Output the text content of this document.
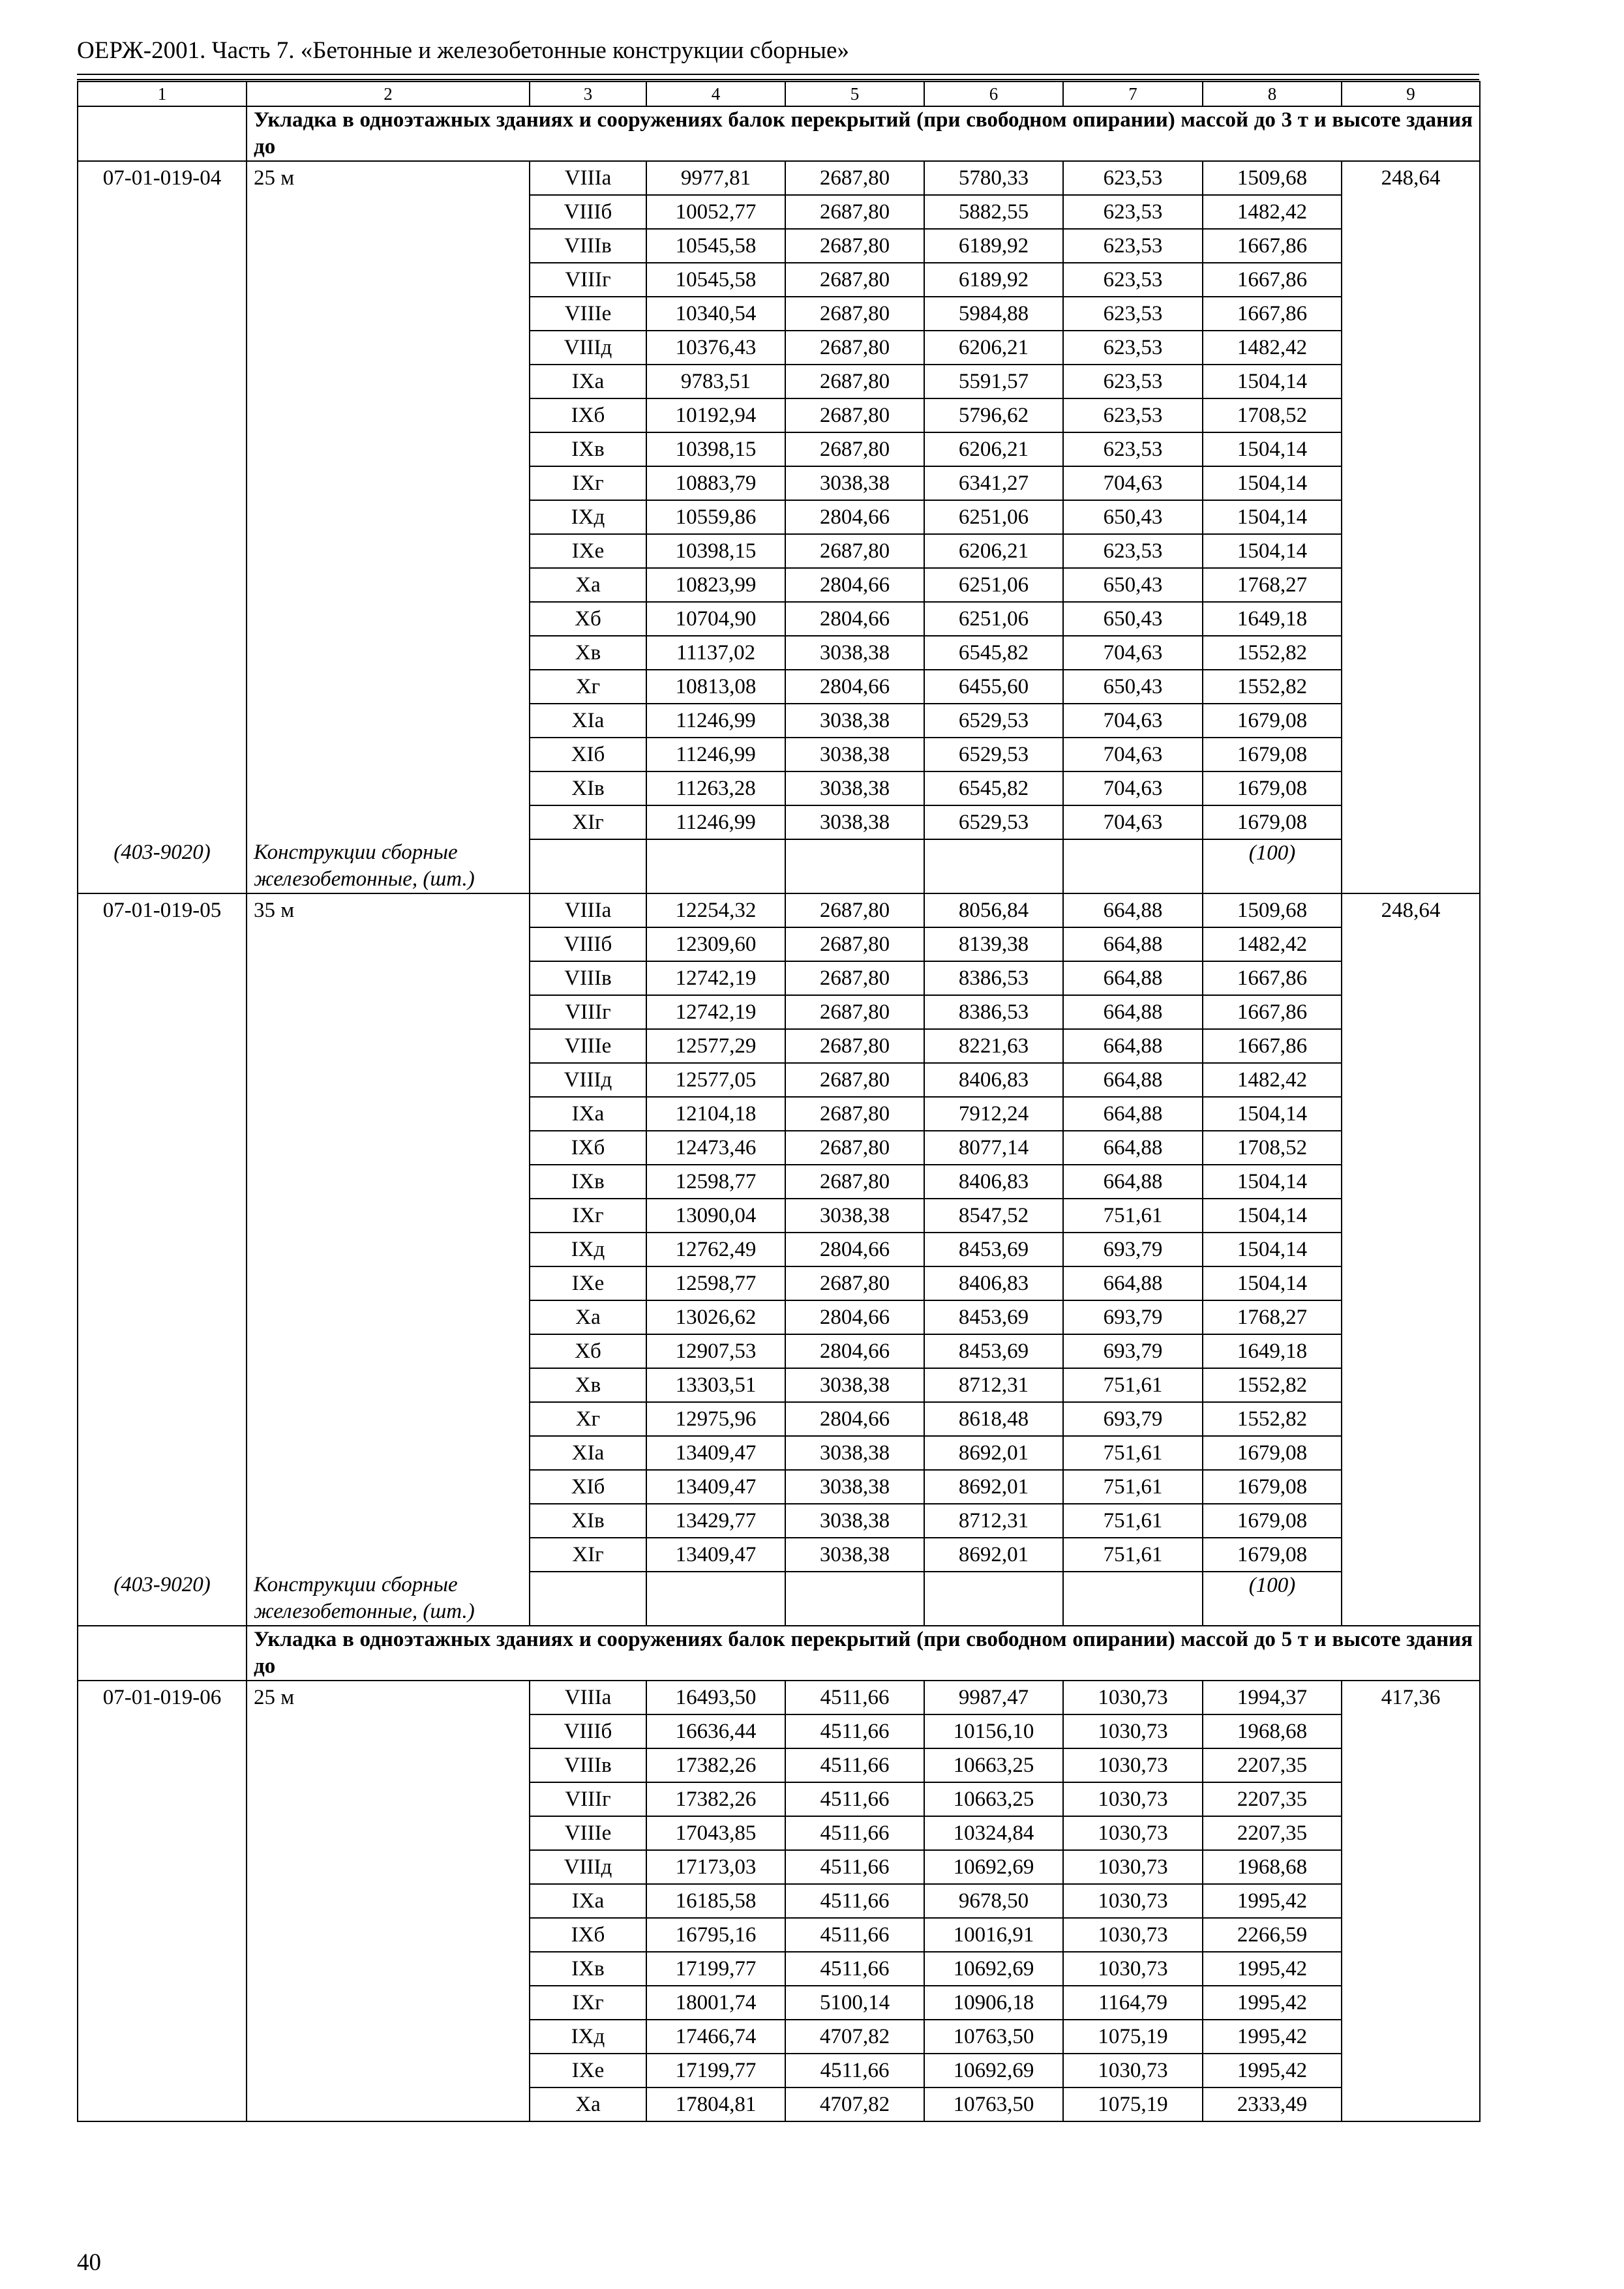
ОЕРЖ-2001. Часть 7. «Бетонные и железобетонные конструкции сборные»
1	2	3	4	5	6	7	8	9
	Укладка в одноэтажных зданиях и сооружениях балок перекрытий (при свободном опирании) массой до 3 т и высоте здания до							
07-01-019-04	25 м	VIIIа	9977,81	2687,80	5780,33	623,53	1509,68	248,64
		VIIIб	10052,77	2687,80	5882,55	623,53	1482,42	
		VIIIв	10545,58	2687,80	6189,92	623,53	1667,86	
		VIIIг	10545,58	2687,80	6189,92	623,53	1667,86	
		VIIIе	10340,54	2687,80	5984,88	623,53	1667,86	
		VIIIд	10376,43	2687,80	6206,21	623,53	1482,42	
		IXа	9783,51	2687,80	5591,57	623,53	1504,14	
		IXб	10192,94	2687,80	5796,62	623,53	1708,52	
		IXв	10398,15	2687,80	6206,21	623,53	1504,14	
		IXг	10883,79	3038,38	6341,27	704,63	1504,14	
		IXд	10559,86	2804,66	6251,06	650,43	1504,14	
		IXе	10398,15	2687,80	6206,21	623,53	1504,14	
		Xа	10823,99	2804,66	6251,06	650,43	1768,27	
		Xб	10704,90	2804,66	6251,06	650,43	1649,18	
		Xв	11137,02	3038,38	6545,82	704,63	1552,82	
		Xг	10813,08	2804,66	6455,60	650,43	1552,82	
		XIа	11246,99	3038,38	6529,53	704,63	1679,08	
		XIб	11246,99	3038,38	6529,53	704,63	1679,08	
		XIв	11263,28	3038,38	6545,82	704,63	1679,08	
		XIг	11246,99	3038,38	6529,53	704,63	1679,08	
(403-9020)	Конструкции сборные железобетонные, (шт.)						(100)	
07-01-019-05	35 м	VIIIа	12254,32	2687,80	8056,84	664,88	1509,68	248,64
		VIIIб	12309,60	2687,80	8139,38	664,88	1482,42	
		VIIIв	12742,19	2687,80	8386,53	664,88	1667,86	
		VIIIг	12742,19	2687,80	8386,53	664,88	1667,86	
		VIIIе	12577,29	2687,80	8221,63	664,88	1667,86	
		VIIIд	12577,05	2687,80	8406,83	664,88	1482,42	
		IXа	12104,18	2687,80	7912,24	664,88	1504,14	
		IXб	12473,46	2687,80	8077,14	664,88	1708,52	
		IXв	12598,77	2687,80	8406,83	664,88	1504,14	
		IXг	13090,04	3038,38	8547,52	751,61	1504,14	
		IXд	12762,49	2804,66	8453,69	693,79	1504,14	
		IXе	12598,77	2687,80	8406,83	664,88	1504,14	
		Xа	13026,62	2804,66	8453,69	693,79	1768,27	
		Xб	12907,53	2804,66	8453,69	693,79	1649,18	
		Xв	13303,51	3038,38	8712,31	751,61	1552,82	
		Xг	12975,96	2804,66	8618,48	693,79	1552,82	
		XIа	13409,47	3038,38	8692,01	751,61	1679,08	
		XIб	13409,47	3038,38	8692,01	751,61	1679,08	
		XIв	13429,77	3038,38	8712,31	751,61	1679,08	
		XIг	13409,47	3038,38	8692,01	751,61	1679,08	
(403-9020)	Конструкции сборные железобетонные, (шт.)						(100)	
	Укладка в одноэтажных зданиях и сооружениях балок перекрытий (при свободном опирании) массой до 5 т и высоте здания до							
07-01-019-06	25 м	VIIIа	16493,50	4511,66	9987,47	1030,73	1994,37	417,36
		VIIIб	16636,44	4511,66	10156,10	1030,73	1968,68	
		VIIIв	17382,26	4511,66	10663,25	1030,73	2207,35	
		VIIIг	17382,26	4511,66	10663,25	1030,73	2207,35	
		VIIIе	17043,85	4511,66	10324,84	1030,73	2207,35	
		VIIIд	17173,03	4511,66	10692,69	1030,73	1968,68	
		IXа	16185,58	4511,66	9678,50	1030,73	1995,42	
		IXб	16795,16	4511,66	10016,91	1030,73	2266,59	
		IXв	17199,77	4511,66	10692,69	1030,73	1995,42	
		IXг	18001,74	5100,14	10906,18	1164,79	1995,42	
		IXд	17466,74	4707,82	10763,50	1075,19	1995,42	
		IXе	17199,77	4511,66	10692,69	1030,73	1995,42	
		Xа	17804,81	4707,82	10763,50	1075,19	2333,49	
40
